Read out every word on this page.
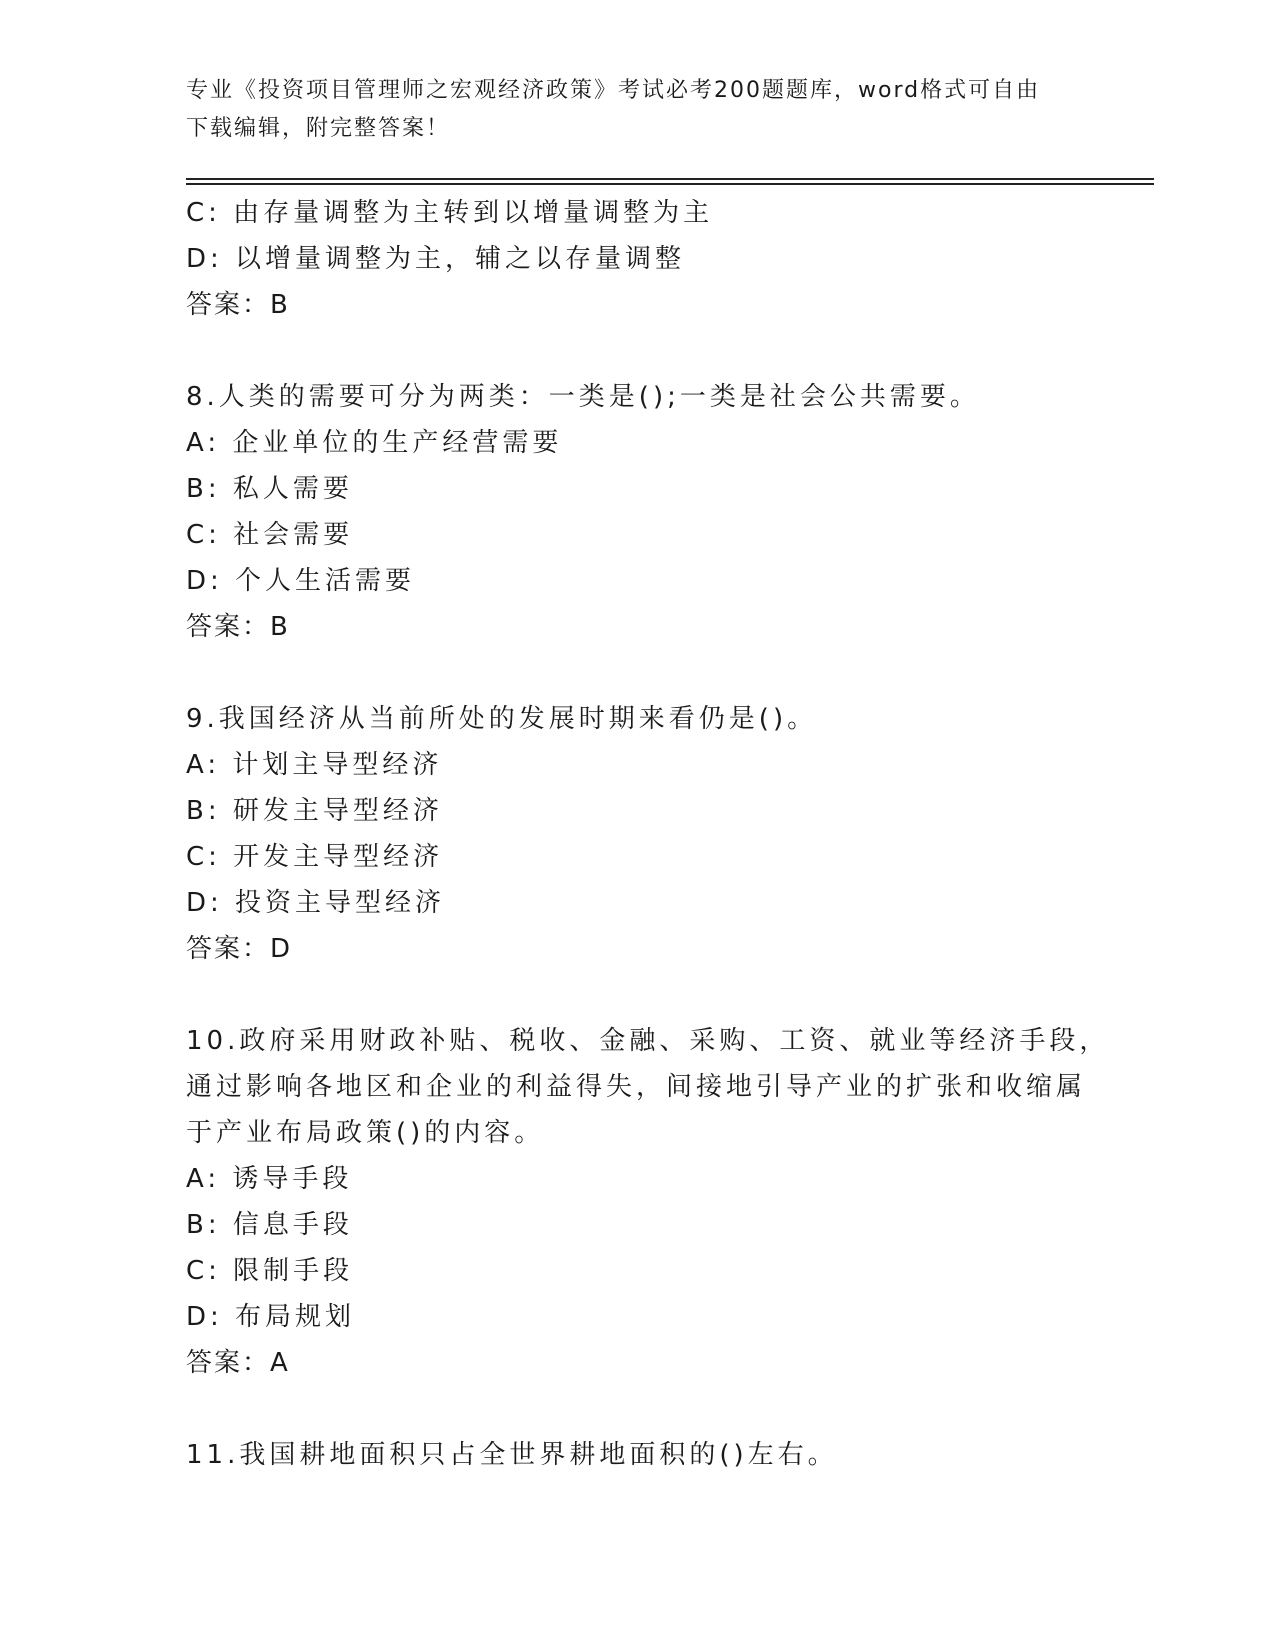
专业《投资项目管理师之宏观经济政策》考试必考200题题库，word格式可自由
下载编辑，附完整答案！
C: 由存量调整为主转到以增量调整为主
D: 以增量调整为主，辅之以存量调整
答案：B
8.人类的需要可分为两类：一类是();一类是社会公共需要。
A: 企业单位的生产经营需要
B: 私人需要
C: 社会需要
D: 个人生活需要
答案：B
9.我国经济从当前所处的发展时期来看仍是()。
A: 计划主导型经济
B: 研发主导型经济
C: 开发主导型经济
D: 投资主导型经济
答案：D
10.政府采用财政补贴、税收、金融、采购、工资、就业等经济手段，
通过影响各地区和企业的利益得失，间接地引导产业的扩张和收缩属
于产业布局政策()的内容。
A: 诱导手段
B: 信息手段
C: 限制手段
D: 布局规划
答案：A
11.我国耕地面积只占全世界耕地面积的()左右。
